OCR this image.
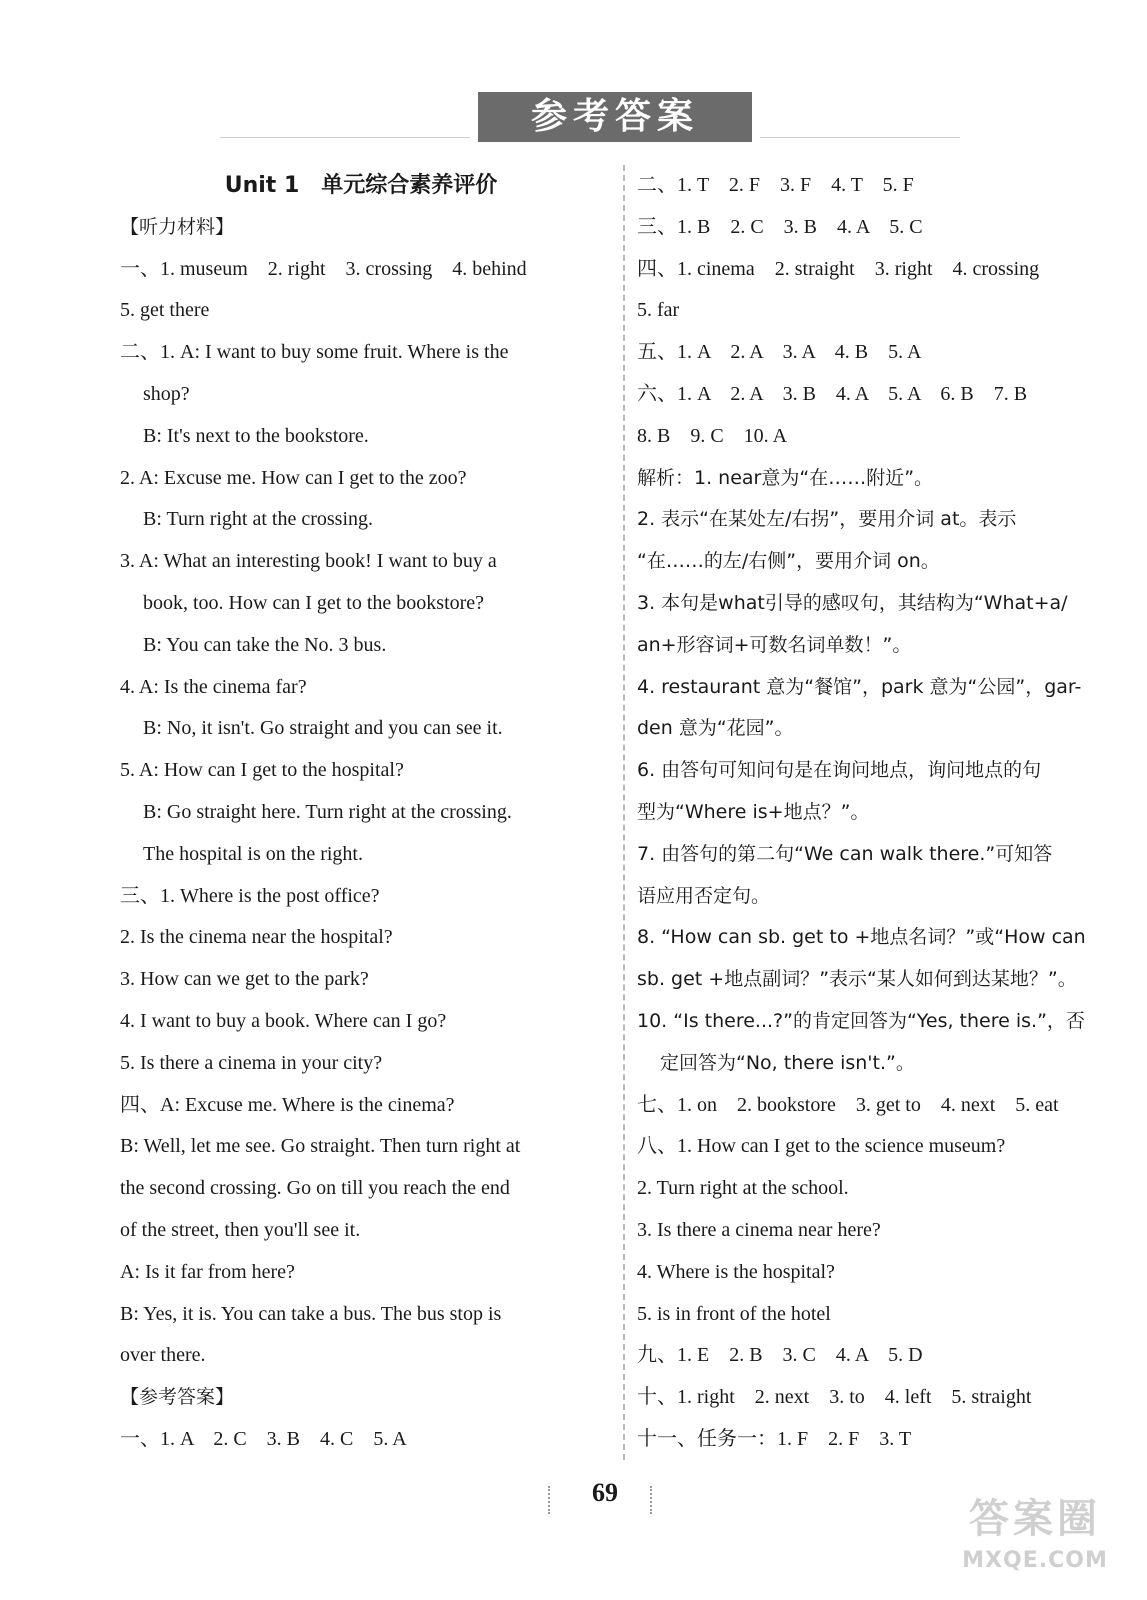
参考答案
Unit 1　单元综合素养评价
【听力材料】
一、1. museum　2. right　3. crossing　4. behind
5. get there
二、1. A: I want to buy some fruit. Where is the
shop?
B: It's next to the bookstore.
2. A: Excuse me. How can I get to the zoo?
B: Turn right at the crossing.
3. A: What an interesting book! I want to buy a
book, too. How can I get to the bookstore?
B: You can take the No. 3 bus.
4. A: Is the cinema far?
B: No, it isn't. Go straight and you can see it.
5. A: How can I get to the hospital?
B: Go straight here. Turn right at the crossing.
The hospital is on the right.
三、1. Where is the post office?
2. Is the cinema near the hospital?
3. How can we get to the park?
4. I want to buy a book. Where can I go?
5. Is there a cinema in your city?
四、A: Excuse me. Where is the cinema?
B: Well, let me see. Go straight. Then turn right at
the second crossing. Go on till you reach the end
of the street, then you'll see it.
A: Is it far from here?
B: Yes, it is. You can take a bus. The bus stop is
over there.
【参考答案】
一、1. A　2. C　3. B　4. C　5. A
二、1. T　2. F　3. F　4. T　5. F
三、1. B　2. C　3. B　4. A　5. C
四、1. cinema　2. straight　3. right　4. crossing
5. far
五、1. A　2. A　3. A　4. B　5. A
六、1. A　2. A　3. B　4. A　5. A　6. B　7. B
8. B　9. C　10. A
解析：1. near意为“在……附近”。
2. 表示“在某处左/右拐”，要用介词 at。表示
“在……的左/右侧”，要用介词 on。
3. 本句是what引导的感叹句，其结构为“What+a/
an+形容词+可数名词单数！”。
4. restaurant 意为“餐馆”，park 意为“公园”，gar-
den 意为“花园”。
6. 由答句可知问句是在询问地点，询问地点的句
型为“Where is+地点？”。
7. 由答句的第二句“We can walk there.”可知答
语应用否定句。
8. “How can sb. get to +地点名词？”或“How can
sb. get +地点副词？”表示“某人如何到达某地？”。
10. “Is there...?”的肯定回答为“Yes, there is.”，否
定回答为“No, there isn't.”。
七、1. on　2. bookstore　3. get to　4. next　5. eat
八、1. How can I get to the science museum?
2. Turn right at the school.
3. Is there a cinema near here?
4. Where is the hospital?
5. is in front of the hotel
九、1. E　2. B　3. C　4. A　5. D
十、1. right　2. next　3. to　4. left　5. straight
十一、任务一：1. F　2. F　3. T
69
答案圈
MXQE.COM
